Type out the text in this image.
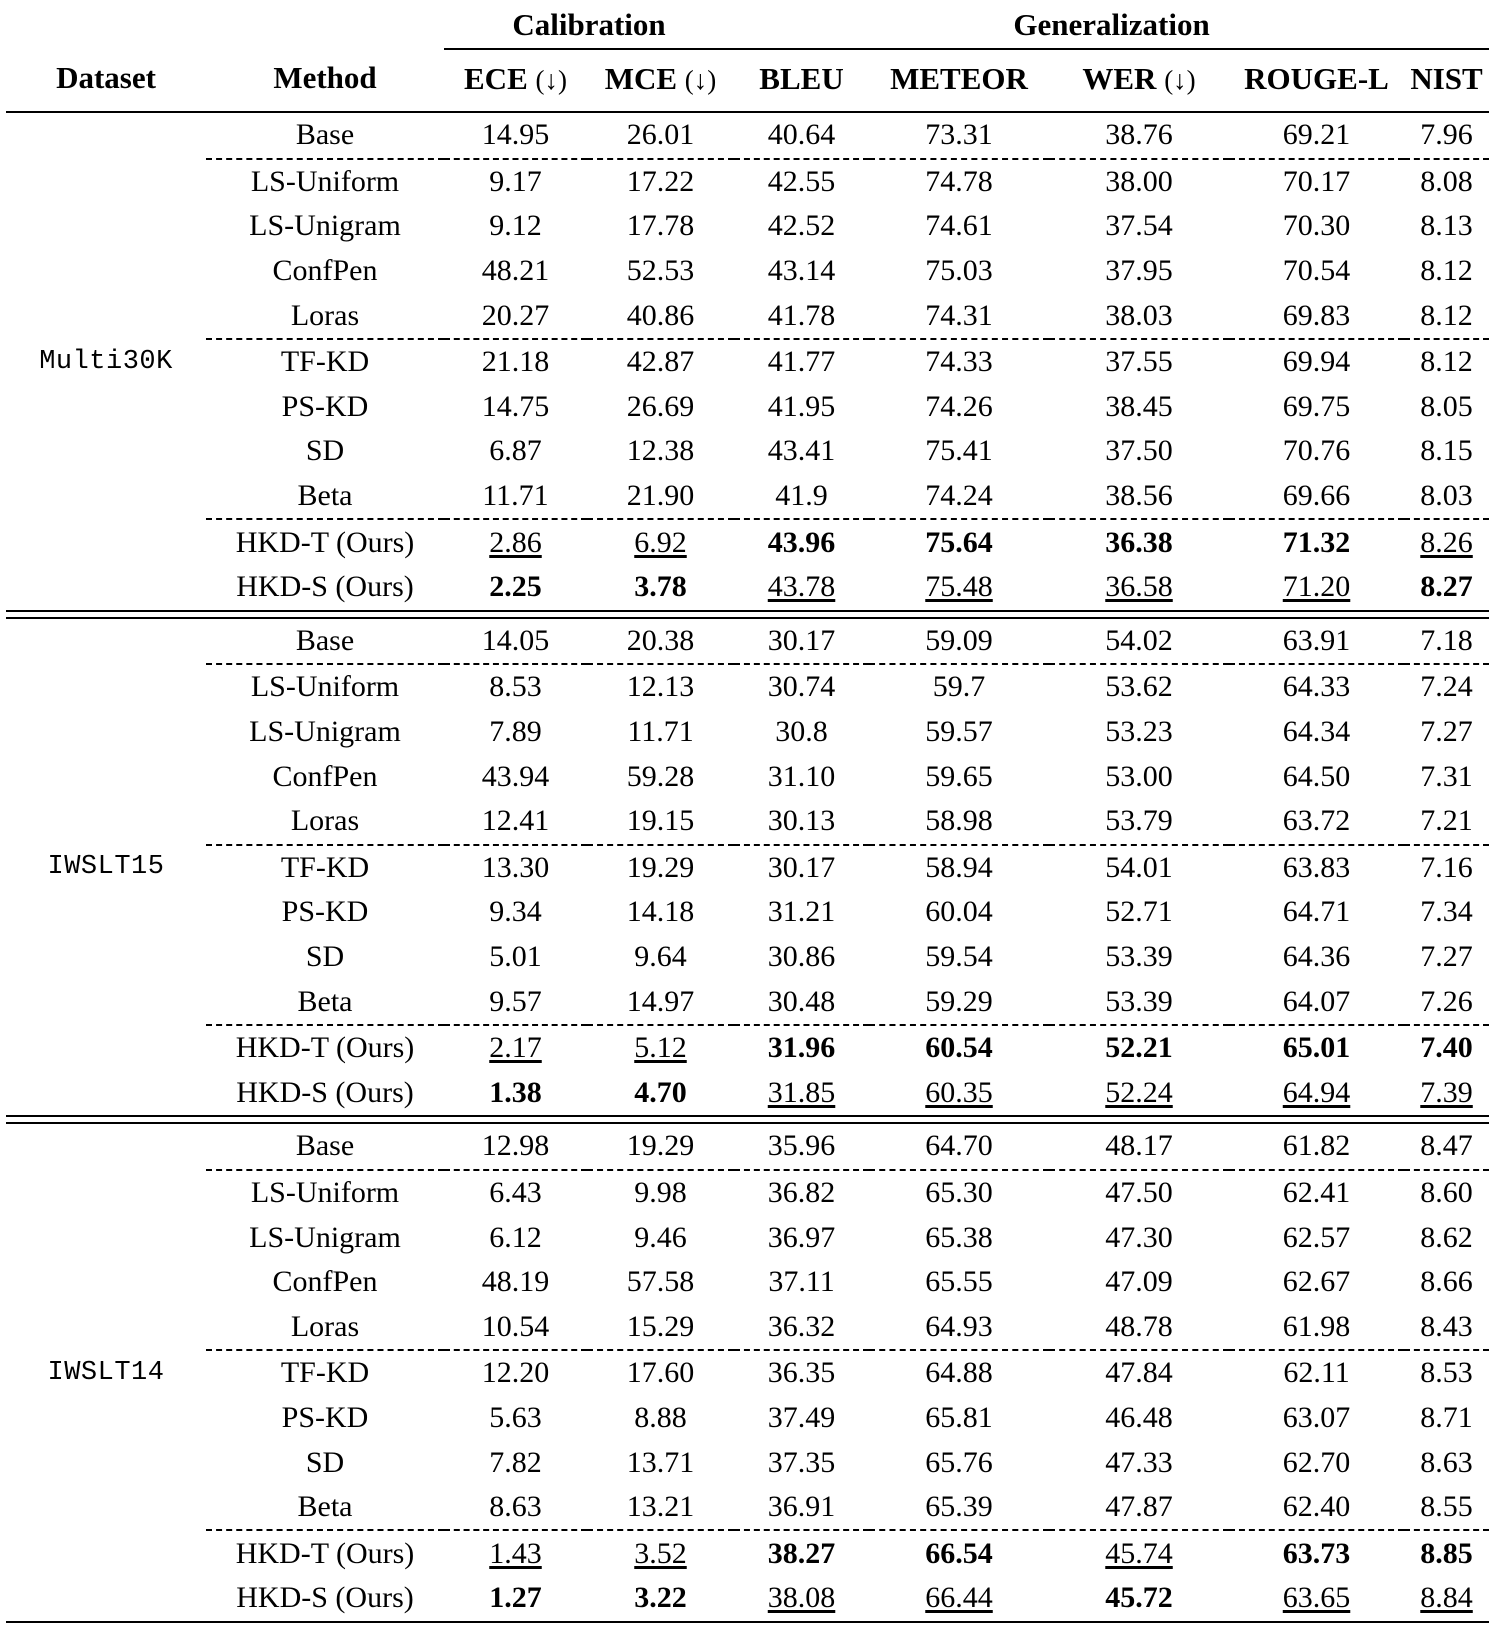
		Calibration		Generalization				
Dataset	Method	ECE (↓)	MCE (↓)	BLEU	METEOR	WER (↓)	ROUGE-L	NIST

	Base	14.95	26.01	40.64	73.31	38.76	69.21	7.96

	LS-Uniform	9.17	17.22	42.55	74.78	38.00	70.17	8.08
	LS-Unigram	9.12	17.78	42.52	74.61	37.54	70.30	8.13
	ConfPen	48.21	52.53	43.14	75.03	37.95	70.54	8.12
	Loras	20.27	40.86	41.78	74.31	38.03	69.83	8.12

Multi30K	TF-KD	21.18	42.87	41.77	74.33	37.55	69.94	8.12
	PS-KD	14.75	26.69	41.95	74.26	38.45	69.75	8.05
	SD	6.87	12.38	43.41	75.41	37.50	70.76	8.15
	Beta	11.71	21.90	41.9	74.24	38.56	69.66	8.03

	HKD-T (Ours)	2.86	6.92	43.96	75.64	36.38	71.32	8.26
	HKD-S (Ours)	2.25	3.78	43.78	75.48	36.58	71.20	8.27

	Base	14.05	20.38	30.17	59.09	54.02	63.91	7.18

	LS-Uniform	8.53	12.13	30.74	59.7	53.62	64.33	7.24
	LS-Unigram	7.89	11.71	30.8	59.57	53.23	64.34	7.27
	ConfPen	43.94	59.28	31.10	59.65	53.00	64.50	7.31
	Loras	12.41	19.15	30.13	58.98	53.79	63.72	7.21

IWSLT15	TF-KD	13.30	19.29	30.17	58.94	54.01	63.83	7.16
	PS-KD	9.34	14.18	31.21	60.04	52.71	64.71	7.34
	SD	5.01	9.64	30.86	59.54	53.39	64.36	7.27
	Beta	9.57	14.97	30.48	59.29	53.39	64.07	7.26

	HKD-T (Ours)	2.17	5.12	31.96	60.54	52.21	65.01	7.40
	HKD-S (Ours)	1.38	4.70	31.85	60.35	52.24	64.94	7.39

	Base	12.98	19.29	35.96	64.70	48.17	61.82	8.47

	LS-Uniform	6.43	9.98	36.82	65.30	47.50	62.41	8.60
	LS-Unigram	6.12	9.46	36.97	65.38	47.30	62.57	8.62
	ConfPen	48.19	57.58	37.11	65.55	47.09	62.67	8.66
	Loras	10.54	15.29	36.32	64.93	48.78	61.98	8.43

IWSLT14	TF-KD	12.20	17.60	36.35	64.88	47.84	62.11	8.53
	PS-KD	5.63	8.88	37.49	65.81	46.48	63.07	8.71
	SD	7.82	13.71	37.35	65.76	47.33	62.70	8.63
	Beta	8.63	13.21	36.91	65.39	47.87	62.40	8.55

	HKD-T (Ours)	1.43	3.52	38.27	66.54	45.74	63.73	8.85
	HKD-S (Ours)	1.27	3.22	38.08	66.44	45.72	63.65	8.84
